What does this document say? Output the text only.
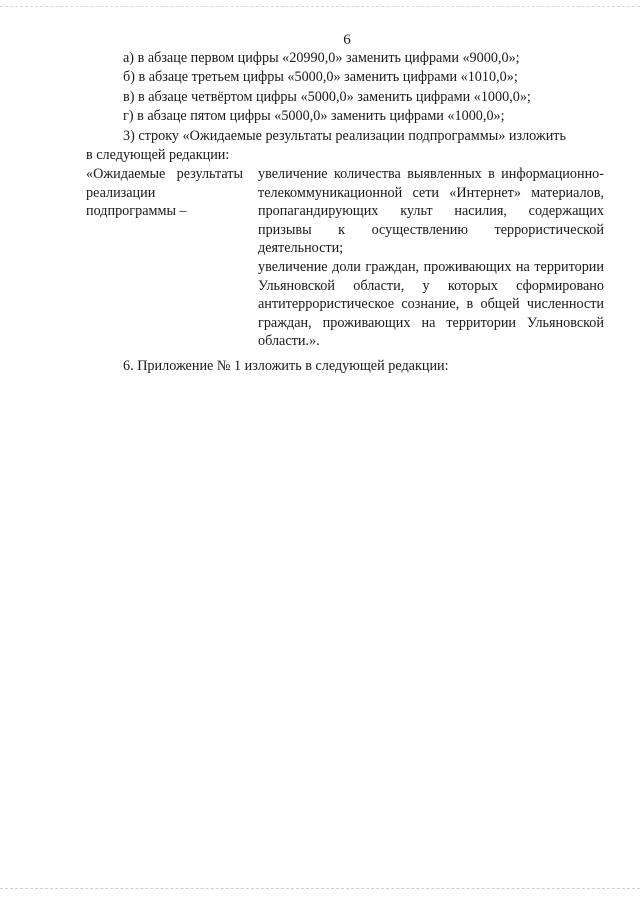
6

а) в абзаце первом цифры «20990,0» заменить цифрами «9000,0»;

б) в абзаце третьем цифры «5000,0» заменить цифрами «1010,0»;

в) в абзаце четвёртом цифры «5000,0» заменить цифрами «1000,0»;

г) в абзаце пятом цифры «5000,0» заменить цифрами «1000,0»;

3) строку «Ожидаемые результаты реализации подпрограммы» изложить

в следующей редакции:

«Ожидаемые результаты реализации подпрограммы –

увеличение количества выявленных в информационно-телекоммуникационной сети «Интернет» материалов, пропагандирующих культ насилия, содержащих призывы к осуществлению террористической деятельности;

увеличение доли граждан, проживающих на территории Ульяновской области, у которых сформировано антитеррористическое сознание, в общей численности граждан, проживающих на территории Ульяновской области.».

6. Приложение № 1 изложить в следующей редакции:
